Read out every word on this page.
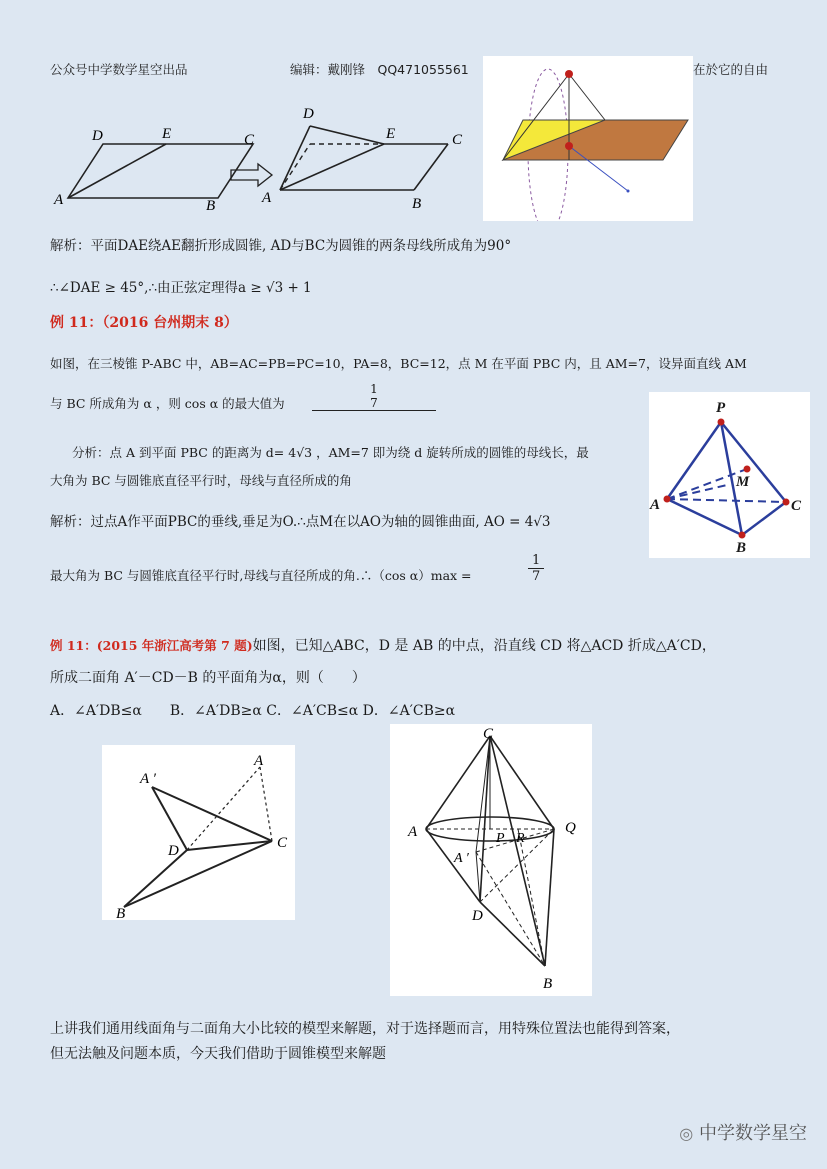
公众号中学数学星空出品	编辑：戴刚锋　QQ471055561	在於它的自由
D	E	C
A	B
D
E	C
A	B
解析：平面DAE绕AE翻折形成圆锥, AD与BC为圆锥的两条母线所成角为90°
∴∠DAE ≥ 45°,∴由正弦定理得a ≥ √3 + 1
例 11：（2016 台州期末 8）
如图，在三棱锥 P-ABC 中，AB=AC=PB=PC=10，PA=8，BC=12，点 M 在平面 PBC 内，且 AM=7，设异面直线 AM
与 BC 所成角为 α ，则 cos α 的最大值为
1
7
分析：点 A 到平面 PBC 的距离为 d= 4√3 ，AM=7 即为绕 d 旋转所成的圆锥的母线长，最
大角为 BC 与圆锥底直径平行时，母线与直径所成的角
解析：过点A作平面PBC的垂线,垂足为O.∴点M在以AO为轴的圆锥曲面, AO = 4√3
最大角为 BC 与圆锥底直径平行时,母线与直径所成的角.∴（cos α）max =	$\frac{1}{7}$
P
M
A	C
B
例 11：(2015 年浙江高考第 7 题)如图，已知△ABC，D 是 AB 的中点，沿直线 CD 将△ACD 折成△A′CD，
所成二面角 A′－CD－B 的平面角为α，则（　　）
A．∠A′DB≤α　　B．∠A′DB≥α C．∠A′CB≤α D．∠A′CB≥α
A ′
A
D	C
B
C
A	Q
A ′
P R
D
B
上讲我们通用线面角与二面角大小比较的模型来解题，对于选择题而言，用特殊位置法也能得到答案，
但无法触及问题本质，今天我们借助于圆锥模型来解题
◎ 中学数学星空
